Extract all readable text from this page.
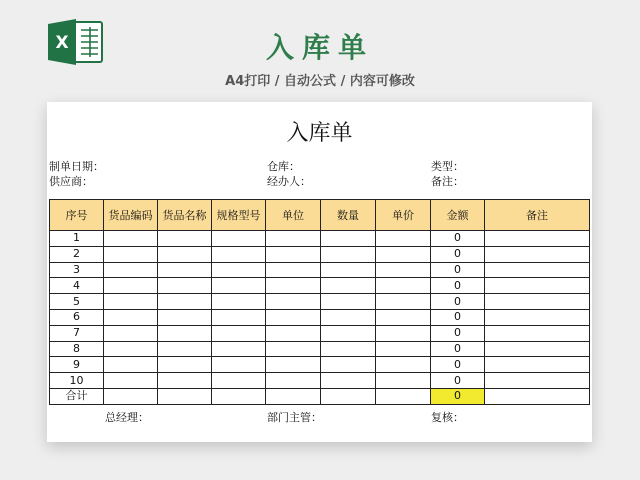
X	入库单
A4打印 / 自动公式 / 内容可修改
入库单
制单日期：	仓库：	类型：
供应商：	经办人：	备注：
序号	货品编码	货品名称	规格型号	单位	数量	单价	金额	备注
1							0	
2							0	
3							0	
4							0	
5							0	
6							0	
7							0	
8							0	
9							0	
10							0	
合计							0	
总经理：	部门主管：	复核：
